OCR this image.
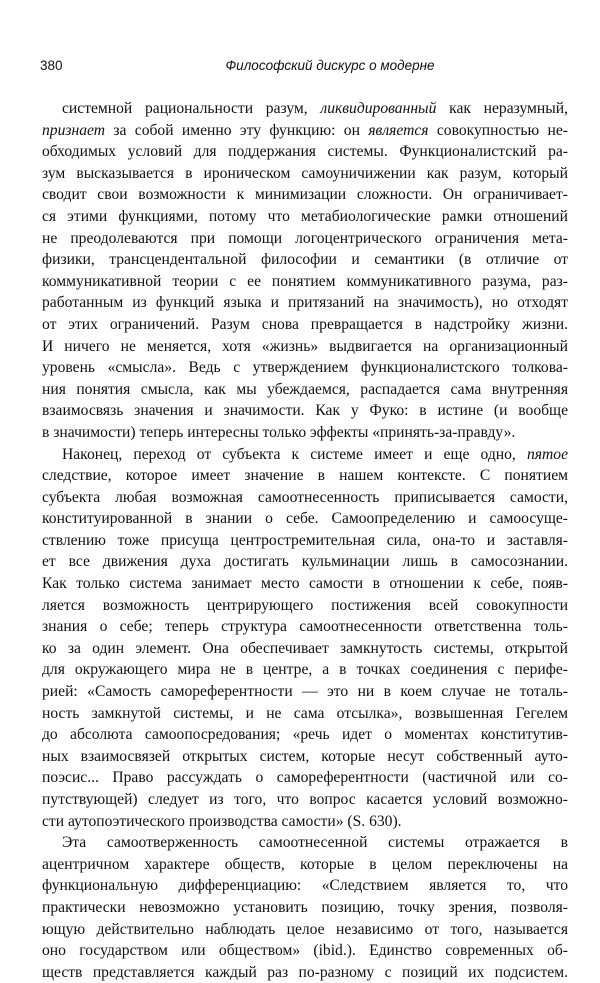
380	Философский дискурс о модерне
системной рациональности разум, ликвидированный как неразумный,
признает за собой именно эту функцию: он является совокупностью не-
обходимых условий для поддержания системы. Функционалистский ра-
зум высказывается в ироническом самоуничижении как разум, который
сводит свои возможности к минимизации сложности. Он ограничивает-
ся этими функциями, потому что метабиологические рамки отношений
не преодолеваются при помощи логоцентрического ограничения мета-
физики, трансцендентальной философии и семантики (в отличие от
коммуникативной теории с ее понятием коммуникативного разума, раз-
работанным из функций языка и притязаний на значимость), но отходят
от этих ограничений. Разум снова превращается в надстройку жизни.
И ничего не меняется, хотя «жизнь» выдвигается на организационный
уровень «смысла». Ведь с утверждением функционалистского толкова-
ния понятия смысла, как мы убеждаемся, распадается сама внутренняя
взаимосвязь значения и значимости. Как у Фуко: в истине (и вообще
в значимости) теперь интересны только эффекты «принять-за-правду».
Наконец, переход от субъекта к системе имеет и еще одно, пятое
следствие, которое имеет значение в нашем контексте. С понятием
субъекта любая возможная самоотнесенность приписывается самости,
конституированной в знании о себе. Самоопределению и самоосуще-
ствлению тоже присуща центростремительная сила, она-то и заставля-
ет все движения духа достигать кульминации лишь в самосознании.
Как только система занимает место самости в отношении к себе, появ-
ляется возможность центрирующего постижения всей совокупности
знания о себе; теперь структура самоотнесенности ответственна толь-
ко за один элемент. Она обеспечивает замкнутость системы, открытой
для окружающего мира не в центре, а в точках соединения с перифе-
рией: «Самость самореферентности — это ни в коем случае не тоталь-
ность замкнутой системы, и не сама отсылка», возвышенная Гегелем
до абсолюта самоопосредования; «речь идет о моментах конститутив-
ных взаимосвязей открытых систем, которые несут собственный ауто-
поэсис... Право рассуждать о самореферентности (частичной или со-
путствующей) следует из того, что вопрос касается условий возможно-
сти аутопоэтического производства самости» (S. 630).
Эта самоотверженность самоотнесенной системы отражается в
ацентричном характере обществ, которые в целом переключены на
функциональную дифференциацию: «Следствием является то, что
практически невозможно установить позицию, точку зрения, позволя-
ющую действительно наблюдать целое независимо от того, называется
оно государством или обществом» (ibid.). Единство современных об-
ществ представляется каждый раз по-разному с позиций их подсистем.
